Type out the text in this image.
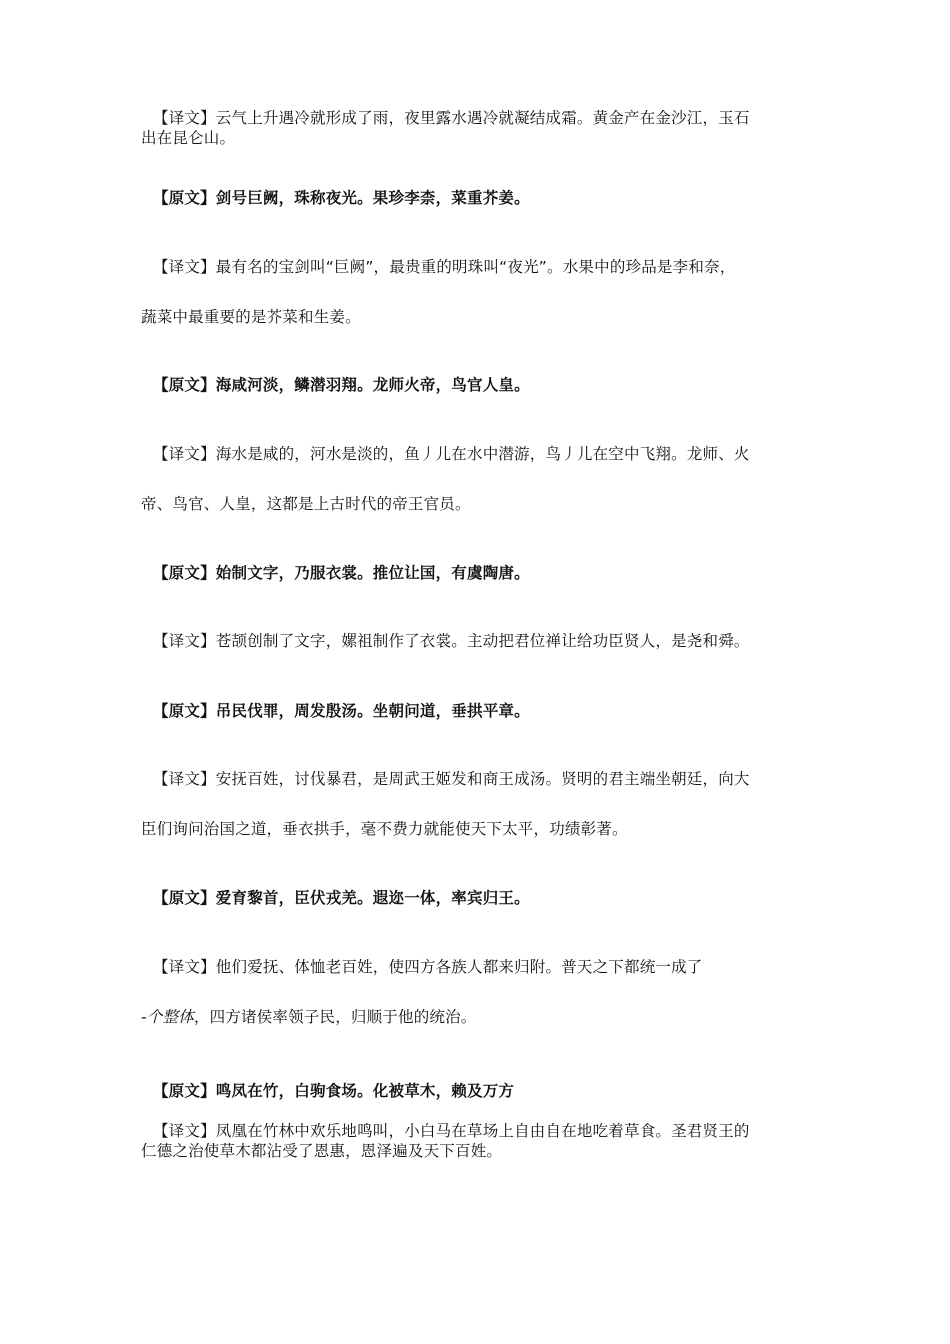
【译文】云气上升遇冷就形成了雨，夜里露水遇冷就凝结成霜。黄金产在金沙江，玉石
出在昆仑山。
【原文】剑号巨阙，珠称夜光。果珍李柰，菜重芥姜。
【译文】最有名的宝剑叫“巨阙”，最贵重的明珠叫“夜光”。水果中的珍品是李和奈，
蔬菜中最重要的是芥菜和生姜。
【原文】海咸河淡，鳞潜羽翔。龙师火帝，鸟官人皇。
【译文】海水是咸的，河水是淡的，鱼丿儿在水中潜游，鸟丿儿在空中飞翔。龙师、火
帝、鸟官、人皇，这都是上古时代的帝王官员。
【原文】始制文字，乃服衣裳。推位让国，有虞陶唐。
【译文】苍颉创制了文字，嫘祖制作了衣裳。主动把君位禅让给功臣贤人，是尧和舜。
【原文】吊民伐罪，周发殷汤。坐朝问道，垂拱平章。
【译文】安抚百姓，讨伐暴君，是周武王姬发和商王成汤。贤明的君主端坐朝廷，向大
臣们询问治国之道，垂衣拱手，毫不费力就能使天下太平，功绩彰著。
【原文】爱育黎首，臣伏戎羌。遐迩一体，率宾归王。
【译文】他们爱抚、体恤老百姓，使四方各族人都来归附。普天之下都统一成了
-个整体，四方诸侯率领子民，归顺于他的统治。
【原文】鸣凤在竹，白驹食场。化被草木，赖及万方
【译文】凤凰在竹林中欢乐地鸣叫，小白马在草场上自由自在地吃着草食。圣君贤王的
仁德之治使草木都沾受了恩惠，恩泽遍及天下百姓。
